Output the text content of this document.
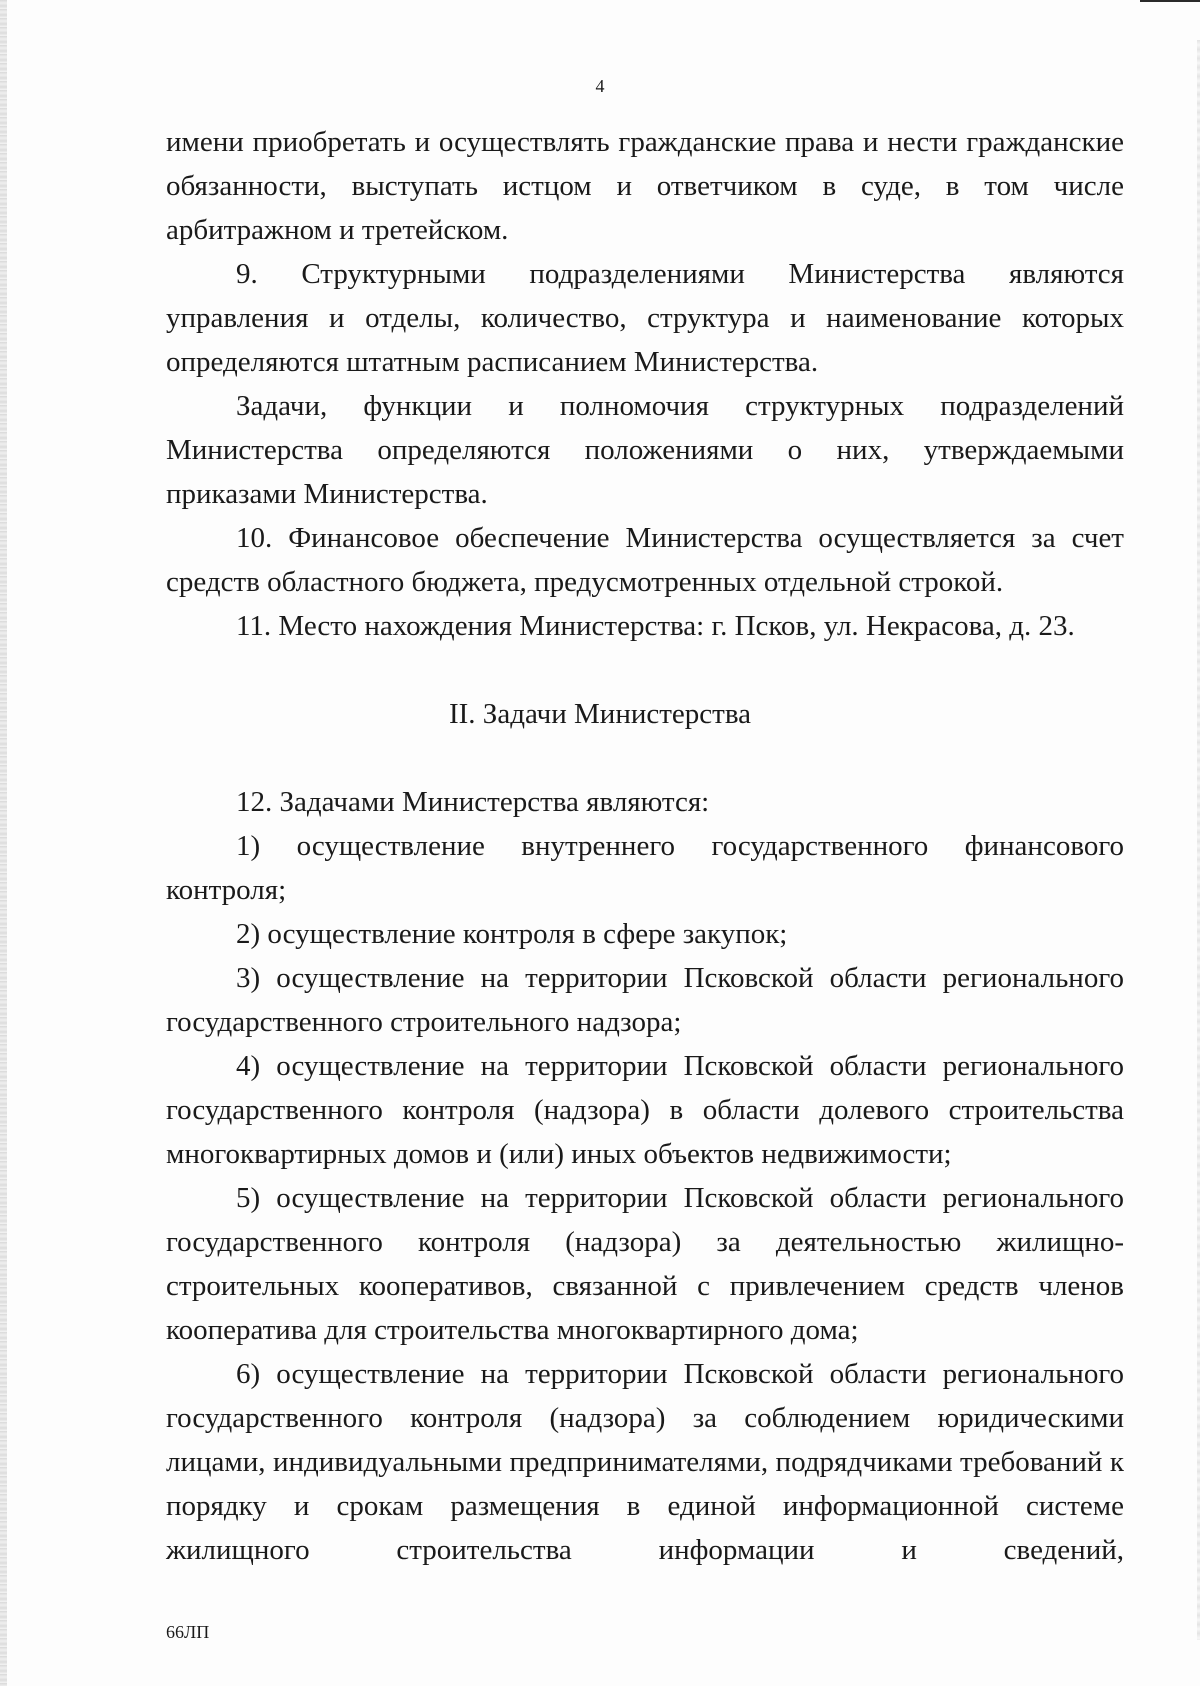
4

имени приобретать и осуществлять гражданские права и нести гражданские обязанности, выступать истцом и ответчиком в суде, в том числе арбитражном и третейском.

9. Структурными подразделениями Министерства являются управления и отделы, количество, структура и наименование которых определяются штатным расписанием Министерства.

Задачи, функции и полномочия структурных подразделений Министерства определяются положениями о них, утверждаемыми приказами Министерства.

10. Финансовое обеспечение Министерства осуществляется за счет средств областного бюджета, предусмотренных отдельной строкой.

11. Место нахождения Министерства: г. Псков, ул. Некрасова, д. 23.

II. Задачи Министерства

12. Задачами Министерства являются:

1) осуществление внутреннего государственного финансового контроля;

2) осуществление контроля в сфере закупок;

3) осуществление на территории Псковской области регионального государственного строительного надзора;

4) осуществление на территории Псковской области регионального государственного контроля (надзора) в области долевого строительства многоквартирных домов и (или) иных объектов недвижимости;

5) осуществление на территории Псковской области регионального государственного контроля (надзора) за деятельностью жилищно-строительных кооперативов, связанной с привлечением средств членов кооператива для строительства многоквартирного дома;

6) осуществление на территории Псковской области регионального государственного контроля (надзора) за соблюдением юридическими лицами, индивидуальными предпринимателями, подрядчиками требований к порядку и срокам размещения в единой информационной системе жилищного строительства информации и сведений,

66ЛП
